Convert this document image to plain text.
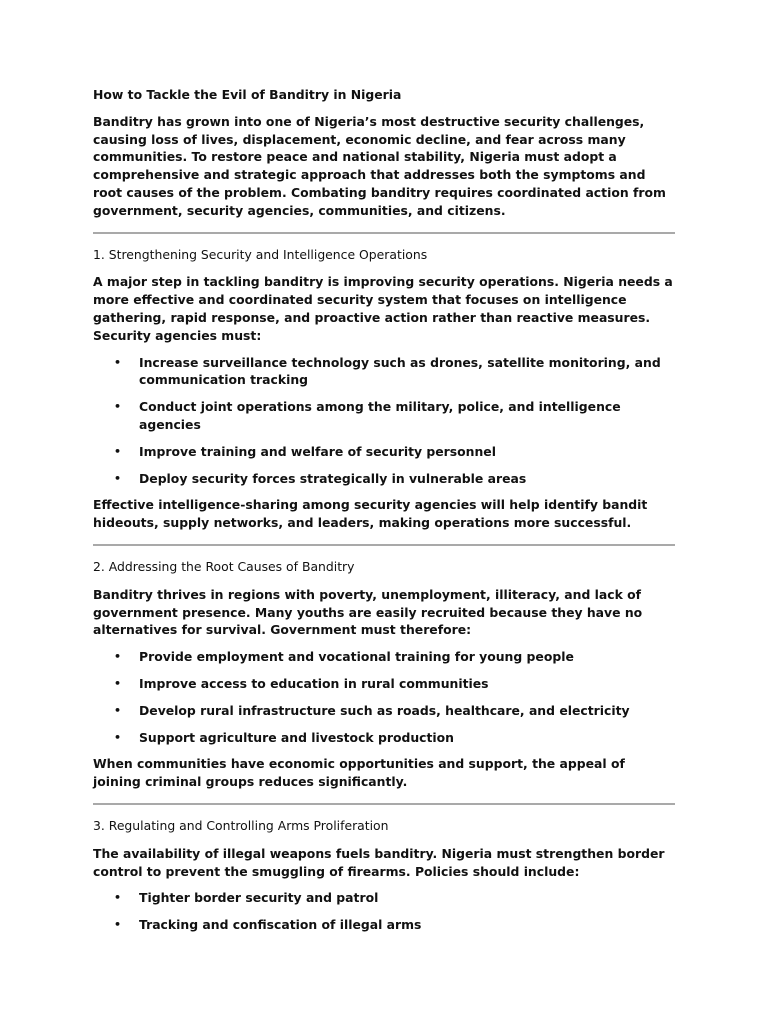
How to Tackle the Evil of Banditry in Nigeria

Banditry has grown into one of Nigeria’s most destructive security challenges, causing loss of lives, displacement, economic decline, and fear across many communities. To restore peace and national stability, Nigeria must adopt a comprehensive and strategic approach that addresses both the symptoms and root causes of the problem. Combating banditry requires coordinated action from government, security agencies, communities, and citizens.

1. Strengthening Security and Intelligence Operations

A major step in tackling banditry is improving security operations. Nigeria needs a more effective and coordinated security system that focuses on intelligence gathering, rapid response, and proactive action rather than reactive measures. Security agencies must:

• Increase surveillance technology such as drones, satellite monitoring, and communication tracking
• Conduct joint operations among the military, police, and intelligence agencies
• Improve training and welfare of security personnel
• Deploy security forces strategically in vulnerable areas

Effective intelligence-sharing among security agencies will help identify bandit hideouts, supply networks, and leaders, making operations more successful.

2. Addressing the Root Causes of Banditry

Banditry thrives in regions with poverty, unemployment, illiteracy, and lack of government presence. Many youths are easily recruited because they have no alternatives for survival. Government must therefore:

• Provide employment and vocational training for young people
• Improve access to education in rural communities
• Develop rural infrastructure such as roads, healthcare, and electricity
• Support agriculture and livestock production

When communities have economic opportunities and support, the appeal of joining criminal groups reduces significantly.

3. Regulating and Controlling Arms Proliferation

The availability of illegal weapons fuels banditry. Nigeria must strengthen border control to prevent the smuggling of firearms. Policies should include:

• Tighter border security and patrol
• Tracking and confiscation of illegal arms
